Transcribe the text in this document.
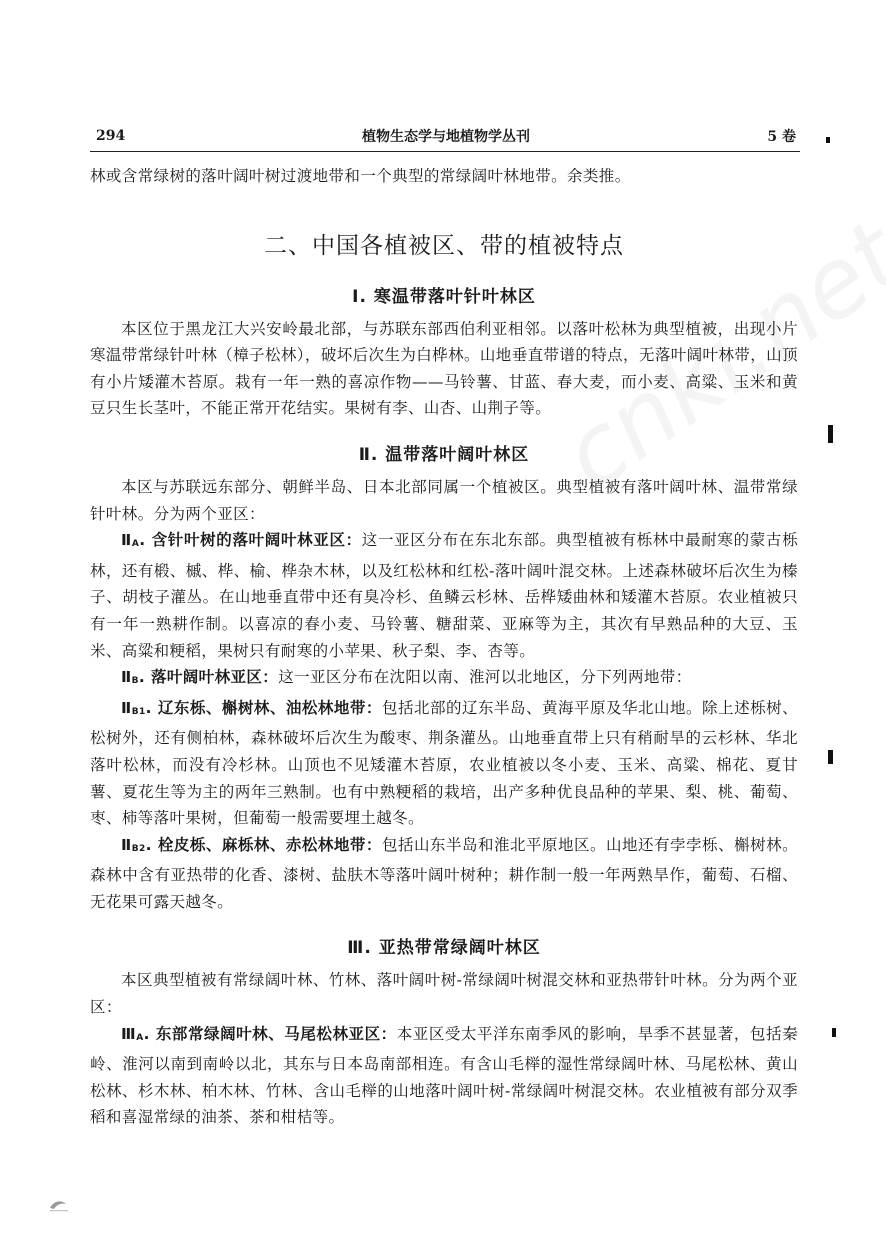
294	植物生态学与地植物学丛刊	5 卷

林或含常绿树的落叶阔叶树过渡地带和一个典型的常绿阔叶林地带。余类推。

二、中国各植被区、带的植被特点
Ⅰ. 寒温带落叶针叶林区

本区位于黑龙江大兴安岭最北部，与苏联东部西伯利亚相邻。以落叶松林为典型植被，出现小片寒温带常绿针叶林（樟子松林），破坏后次生为白桦林。山地垂直带谱的特点，无落叶阔叶林带，山顶有小片矮灌木苔原。栽有一年一熟的喜凉作物——马铃薯、甘蓝、春大麦，而小麦、高粱、玉米和黄豆只生长茎叶，不能正常开花结实。果树有李、山杏、山荆子等。

Ⅱ. 温带落叶阔叶林区

本区与苏联远东部分、朝鲜半岛、日本北部同属一个植被区。典型植被有落叶阔叶林、温带常绿针叶林。分为两个亚区：

$Ⅱ_A$. 含针叶树的落叶阔叶林亚区：这一亚区分布在东北东部。典型植被有栎林中最耐寒的蒙古栎林，还有椴、槭、桦、榆、桦杂木林，以及红松林和红松-落叶阔叶混交林。上述森林破坏后次生为榛子、胡枝子灌丛。在山地垂直带中还有臭冷杉、鱼鳞云杉林、岳桦矮曲林和矮灌木苔原。农业植被只有一年一熟耕作制。以喜凉的春小麦、马铃薯、糖甜菜、亚麻等为主，其次有早熟品种的大豆、玉米、高粱和粳稻，果树只有耐寒的小苹果、秋子梨、李、杏等。

$Ⅱ_B$. 落叶阔叶林亚区：这一亚区分布在沈阳以南、淮河以北地区，分下列两地带：

$Ⅱ_{B1}$. 辽东栎、槲树林、油松林地带：包括北部的辽东半岛、黄海平原及华北山地。除上述栎树、松树外，还有侧柏林，森林破坏后次生为酸枣、荆条灌丛。山地垂直带上只有稍耐旱的云杉林、华北落叶松林，而没有冷杉林。山顶也不见矮灌木苔原，农业植被以冬小麦、玉米、高粱、棉花、夏甘薯、夏花生等为主的两年三熟制。也有中熟粳稻的栽培，出产多种优良品种的苹果、梨、桃、葡萄、枣、柿等落叶果树，但葡萄一般需要埋土越冬。

$Ⅱ_{B2}$. 栓皮栎、麻栎林、赤松林地带：包括山东半岛和淮北平原地区。山地还有孛孛栎、槲树林。森林中含有亚热带的化香、漆树、盐肤木等落叶阔叶树种；耕作制一般一年两熟旱作，葡萄、石榴、无花果可露天越冬。

Ⅲ. 亚热带常绿阔叶林区

本区典型植被有常绿阔叶林、竹林、落叶阔叶树-常绿阔叶树混交林和亚热带针叶林。分为两个亚区：

$Ⅲ_A$. 东部常绿阔叶林、马尾松林亚区：本亚区受太平洋东南季风的影响，旱季不甚显著，包括秦岭、淮河以南到南岭以北，其东与日本岛南部相连。有含山毛榉的湿性常绿阔叶林、马尾松林、黄山松林、杉木林、柏木林、竹林、含山毛榉的山地落叶阔叶树-常绿阔叶树混交林。农业植被有部分双季稻和喜湿常绿的油茶、茶和柑桔等。
